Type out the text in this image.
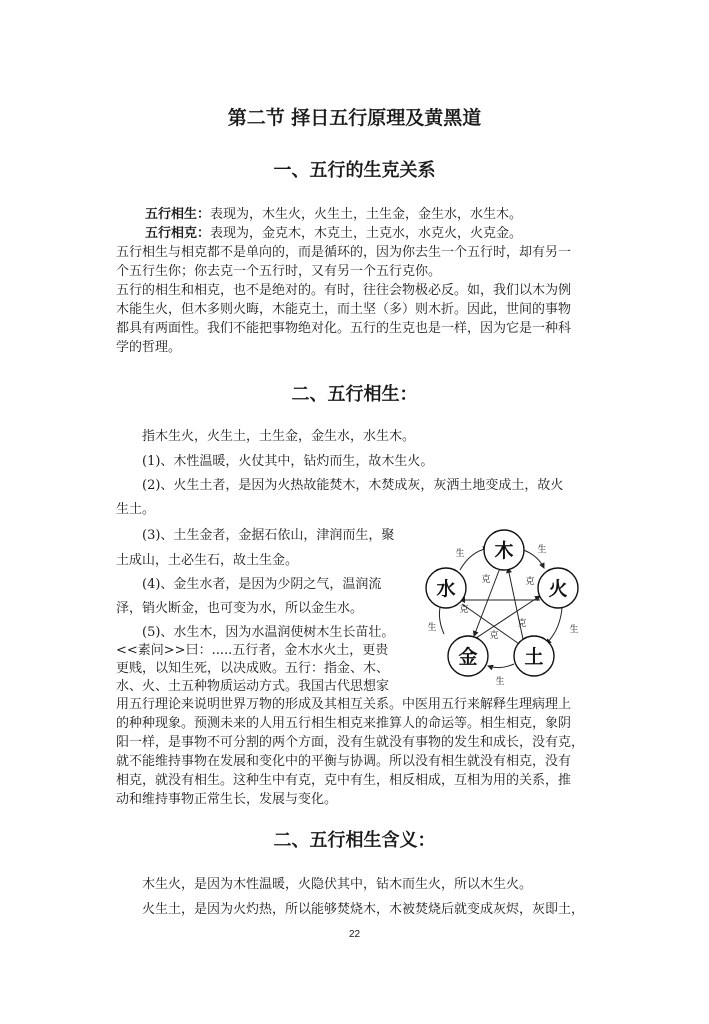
第二节 择日五行原理及黄黑道
一、五行的生克关系
五行相生：表现为，木生火，火生土，土生金，金生水，水生木。
五行相克：表现为，金克木，木克土，土克水，水克火，火克金。
五行相生与相克都不是单向的，而是循环的，因为你去生一个五行时，却有另一
个五行生你；你去克一个五行时，又有另一个五行克你。
五行的相生和相克，也不是绝对的。有时，往往会物极必反。如，我们以木为例
木能生火，但木多则火晦，木能克土，而土坚（多）则木折。因此，世间的事物
都具有两面性。我们不能把事物绝对化。五行的生克也是一样，因为它是一种科
学的哲理。
二、五行相生：
指木生火，火生土，土生金，金生水，水生木。
(1)、木性温暖，火仗其中，钻灼而生，故木生火。
(2)、火生土者，是因为火热故能焚木，木焚成灰，灰洒土地变成土，故火
生土。
(3)、土生金者，金据石依山，津润而生，聚
土成山，土必生石，故土生金。
(4)、金生水者，是因为少阴之气，温润流
泽，销火断金，也可变为水，所以金生水。
(5)、水生木，因为水温润使树木生长苗壮。
<<素问>>曰：.....五行者，金木水火土，更贵
更贱，以知生死，以决成败。五行：指金、木、
水、火、土五种物质运动方式。我国古代思想家
用五行理论来说明世界万物的形成及其相互关系。中医用五行来解释生理病理上
的种种现象。预测未来的人用五行相生相克来推算人的命运等。相生相克，象阴
阳一样，是事物不可分割的两个方面，没有生就没有事物的发生和成长，没有克，
就不能维持事物在发展和变化中的平衡与协调。所以没有相生就没有相克，没有
相克，就没有相生。这种生中有克，克中有生，相反相成，互相为用的关系，推
动和维持事物正常生长，发展与变化。
木
火
土
金
水
生	生
生
生
生
克	克
克
克
克
二、五行相生含义：
木生火，是因为木性温暖，火隐伏其中，钻木而生火，所以木生火。
火生土，是因为火灼热，所以能够焚烧木，木被焚烧后就变成灰烬，灰即土，
22
